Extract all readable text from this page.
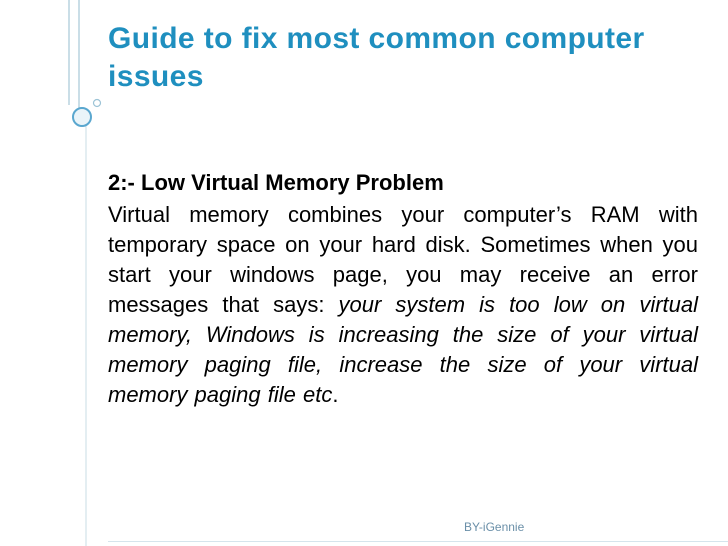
Guide to fix most common computer issues

2:- Low Virtual Memory Problem

Virtual memory combines your computer’s RAM with temporary space on your hard disk. Sometimes when you start your windows page, you may receive an error messages that says: your system is too low on virtual memory, Windows is increasing the size of your virtual memory paging file, increase the size of your virtual memory paging file etc.

BY-iGennie
